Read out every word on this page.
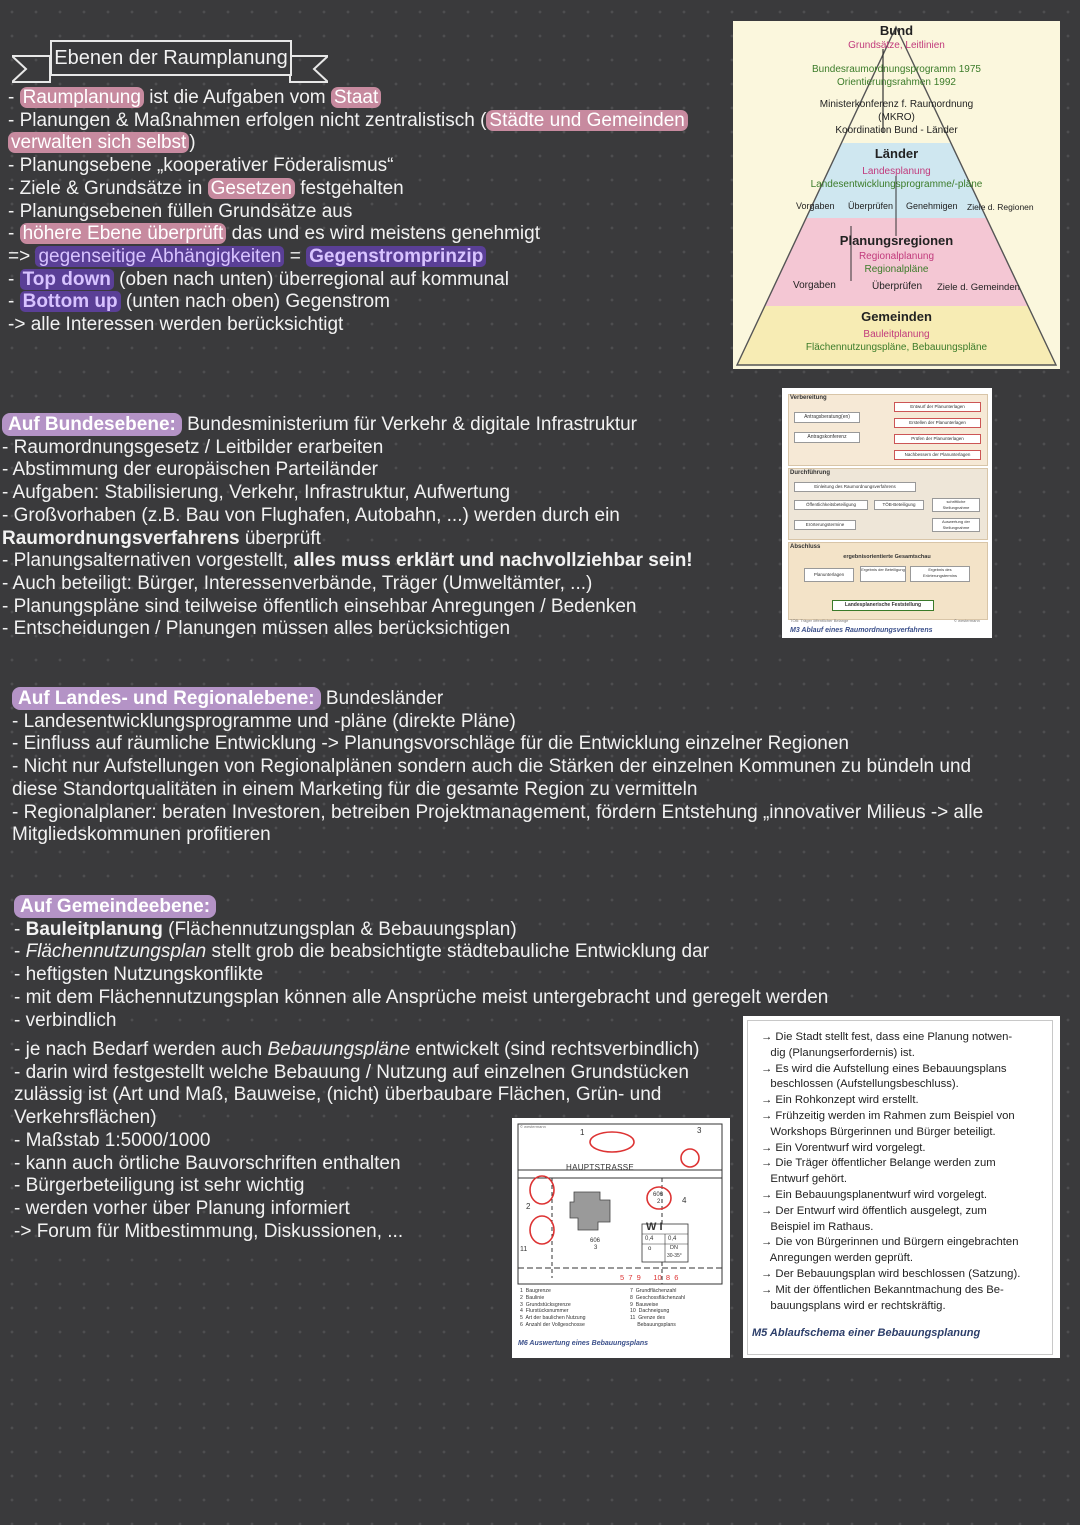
Ebenen der Raumplanung
- Raumplanung ist die Aufgaben vom Staat
- Planungen & Maßnahmen erfolgen nicht zentralistisch ( Städte und Gemeinden
verwalten sich selbst )
- Planungsebene „kooperativer Föderalismus“
- Ziele & Grundsätze in Gesetzen festgehalten
- Planungsebenen füllen Grundsätze aus
- höhere Ebene überprüft das und es wird meistens genehmigt
=> gegenseitige Abhängigkeiten = Gegenstromprinzip
- Top down (oben nach unten) überregional auf kommunal
- Bottom up (unten nach oben) Gegenstrom
-> alle Interessen werden berücksichtigt
Bund
Grundsätze, Leitlinien
Bundesraumordnungsprogramm 1975
Orientierungsrahmen 1992
Ministerkonferenz f. Raumordnung
(MKRO)
Koordination Bund - Länder
Länder
Landesplanung
Landesentwicklungsprogramme/-pläne
Vorgaben Überprüfen Genehmigen Ziele d. Regionen
Planungsregionen
Regionalplanung
Regionalpläne
Vorgaben	Überprüfen Ziele d. Gemeinden
Gemeinden
Bauleitplanung
Flächennutzungspläne, Bebauungspläne
Auf Bundesebene: Bundesministerium für Verkehr & digitale Infrastruktur
- Raumordnungsgesetz / Leitbilder erarbeiten
- Abstimmung der europäischen Parteiländer
- Aufgaben: Stabilisierung, Verkehr, Infrastruktur, Aufwertung
- Großvorhaben (z.B. Bau von Flughafen, Autobahn, ...) werden durch ein
Raumordnungsverfahrens überprüft
- Planungsalternativen vorgestellt, alles muss erklärt und nachvollziehbar sein!
- Auch beteiligt: Bürger, Interessenverbände, Träger (Umweltämter, ...)
- Planungspläne sind teilweise öffentlich einsehbar Anregungen / Bedenken
- Entscheidungen / Planungen müssen alles berücksichtigen
Verbereitung
Antragsberatung(en)
Antragskonferenz
Entwurf der Planunterlagen
Erstellen der Planunterlagen
Prüfen der Planunterlagen
Nachbessern der Planunterlagen
Durchführung
Einleitung des Raumordnungsverfahrens
Öffentlichkeitsbeteiligung	TÖB-Beteiligung
schriftliche Stellungnahme
Erörterungstermine
Auswertung der Stellungnahme
Abschluss
ergebnisorientierte Gesamtschau
Planunterlagen
Ergebnis der Beteiligung	Ergebnis des Erörterungstermins
Landesplanerische Feststellung
TÖB: Träger öffentlicher Belange	© westermann
M3 Ablauf eines Raumordnungsverfahrens
Auf Landes- und Regionalebene: Bundesländer
- Landesentwicklungsprogramme und -pläne (direkte Pläne)
- Einfluss auf räumliche Entwicklung -> Planungsvorschläge für die Entwicklung einzelner Regionen
- Nicht nur Aufstellungen von Regionalplänen sondern auch die Stärken der einzelnen Kommunen zu bündeln und
diese Standortqualitäten in einem Marketing für die gesamte Region zu vermitteln
- Regionalplaner: beraten Investoren, betreiben Projektmanagement, fördern Entstehung „innovativer Milieus -> alle
Mitgliedskommunen profitieren
Auf Gemeindeebene:
- Bauleitplanung (Flächennutzungsplan & Bebauungsplan)
- Flächennutzungsplan stellt grob die beabsichtigte städtebauliche Entwicklung dar
- heftigsten Nutzungskonflikte
- mit dem Flächennutzungsplan können alle Ansprüche meist untergebracht und geregelt werden
- verbindlich
- je nach Bedarf werden auch Bebauungspläne entwickelt (sind rechtsverbindlich)
- darin wird festgestellt welche Bebauung / Nutzung auf einzelnen Grundstücken
zulässig ist (Art und Maß, Bauweise, (nicht) überbaubare Flächen, Grün- und
Verkehrsflächen)
- Maßstab 1:5000/1000
- kann auch örtliche Bauvorschriften enthalten
- Bürgerbeteiligung ist sehr wichtig
- werden vorher über Planung informiert
-> Forum für Mitbestimmung, Diskussionen, ...
© westermann
HAUPTSTRASSE
1
2
3
4
11
606
2
606
3
W I
0,4 0,4
o	DN
30-35°
5  7  9      10  8  6
1  Baugrenze
2  Baulinie
3  Grundstücksgrenze
4  Flurstücksnummer
5  Art der baulichen Nutzung
6  Anzahl der Vollgeschosse
7  Grundflächenzahl
8  Geschossflächenzahl
9  Bauweise
10  Dachneigung
11  Grenze des
Bebauungsplans
M6 Auswertung eines Bebauungsplans
→ Die Stadt stellt fest, dass eine Planung notwen-
dig (Planungserfordernis) ist.
→ Es wird die Aufstellung eines Bebauungsplans
beschlossen (Aufstellungsbeschluss).
→ Ein Rohkonzept wird erstellt.
→ Frühzeitig werden im Rahmen zum Beispiel von
Workshops Bürgerinnen und Bürger beteiligt.
→ Ein Vorentwurf wird vorgelegt.
→ Die Träger öffentlicher Belange werden zum
Entwurf gehört.
→ Ein Bebauungsplanentwurf wird vorgelegt.
→ Der Entwurf wird öffentlich ausgelegt, zum
Beispiel im Rathaus.
→ Die von Bürgerinnen und Bürgern eingebrachten
Anregungen werden geprüft.
→ Der Bebauungsplan wird beschlossen (Satzung).
→ Mit der öffentlichen Bekanntmachung des Be-
bauungsplans wird er rechtskräftig.
M5 Ablaufschema einer Bebauungsplanung
